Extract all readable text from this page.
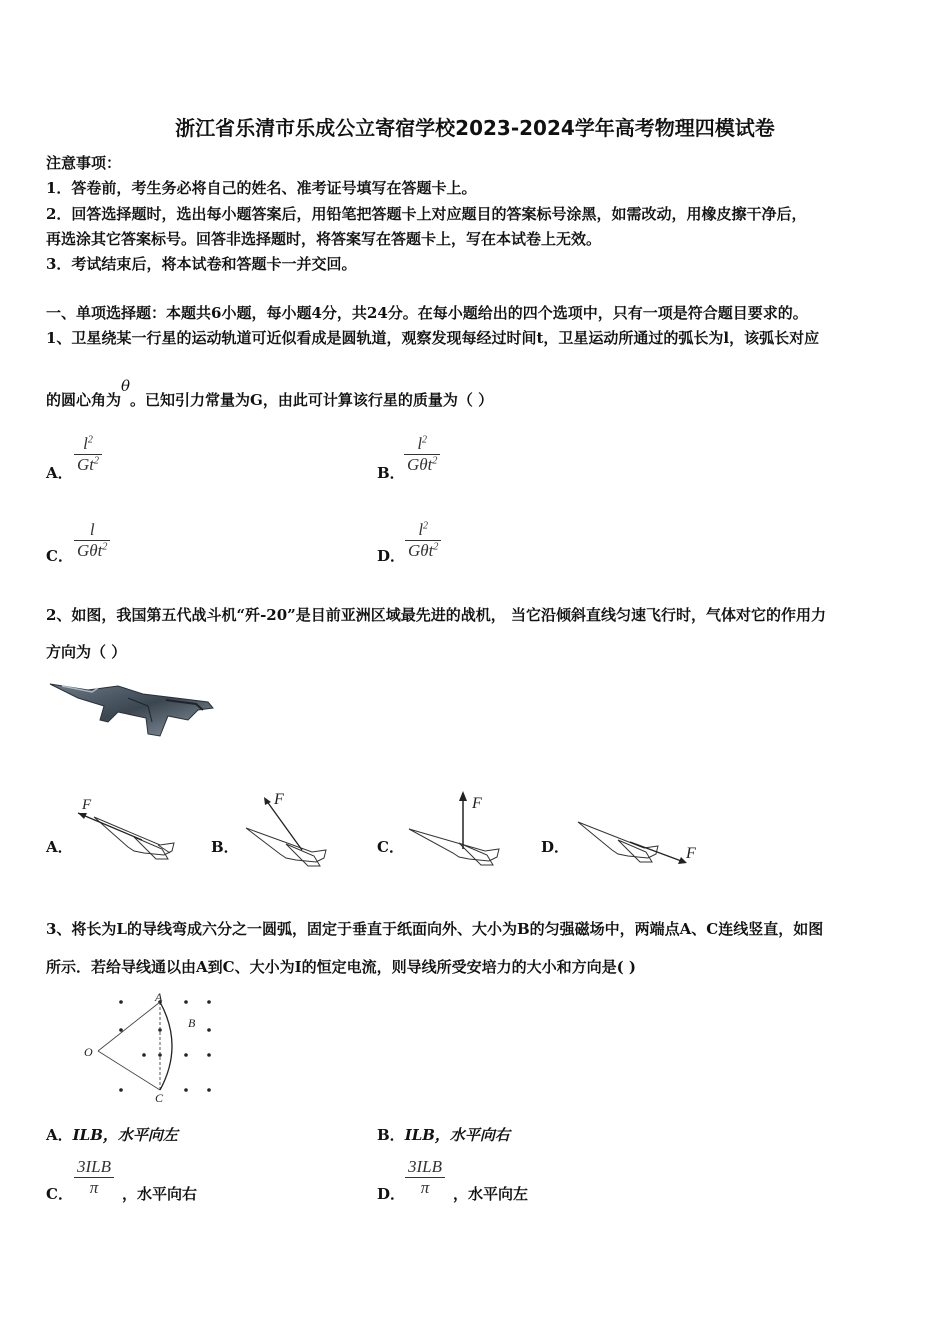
浙江省乐清市乐成公立寄宿学校2023-2024学年高考物理四模试卷
注意事项：
1．答卷前，考生务必将自己的姓名、准考证号填写在答题卡上。
2．回答选择题时，选出每小题答案后，用铅笔把答题卡上对应题目的答案标号涂黑，如需改动，用橡皮擦干净后，
再选涂其它答案标号。回答非选择题时，将答案写在答题卡上，写在本试卷上无效。
3．考试结束后，将本试卷和答题卡一并交回。
一、单项选择题：本题共6小题，每小题4分，共24分。在每小题给出的四个选项中，只有一项是符合题目要求的。
1、卫星绕某一行星的运动轨道可近似看成是圆轨道，观察发现每经过时间t，卫星运动所通过的弧长为l，该弧长对应
的圆心角为θ。已知引力常量为G，由此可计算该行星的质量为（ ）
A． $\frac{l^2}{Gt^2}$	B．
$l^2$
Gθt$^2$
C．
l
Gθt$^2$
D．
$l^2$
Gθt$^2$
2、如图，我国第五代战斗机“歼-20”是目前亚洲区域最先进的战机， 当它沿倾斜直线匀速飞行时，气体对它的作用力
方向为（ ）
A．
F
B．
F
C．
F
D．	F
3、将长为L的导线弯成六分之一圆弧，固定于垂直于纸面向外、大小为B的匀强磁场中，两端点A、C连线竖直，如图
所示．若给导线通以由A到C、大小为I的恒定电流，则导线所受安培力的大小和方向是( )
A
B
C
O
A．ILB，水平向左	B．ILB，水平向右
C．
3ILB
π	，水平向右	D．
3ILB
π	，水平向左
